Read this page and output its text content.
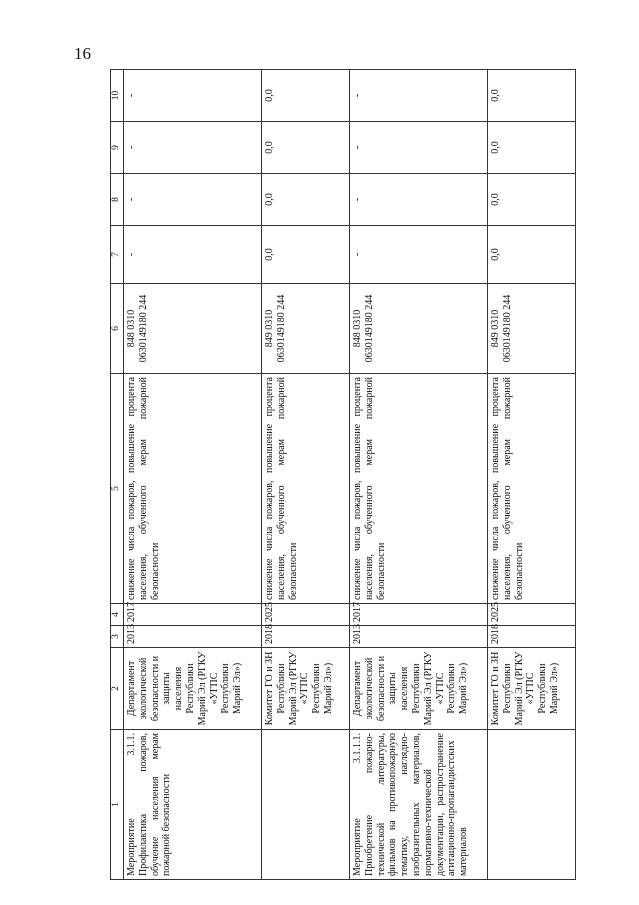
16
1	2	3	4	5	6	7	8	9	10
Мероприятие 3.1.1. Профилактика пожаров, обучение населения мерам пожарной безопасности	Департамент экологической безопасности и защиты населения Республики Марий Эл (РГКУ «УГПС Республики Марий Эл»)	2013	2017	снижение числа пожаров, повышение процента населения, обученного мерам пожарной безопасности	848 0310 0630149180 244	-	-	-	-
	Комитет ГО и ЗН Республики Марий Эл (РГКУ «УГПС Республики Марий Эл»)	2018	2025	снижение числа пожаров, повышение процента населения, обученного мерам пожарной безопасности	849 0310 0630149180 244	0,0	0,0	0,0	0,0
Мероприятие 3.1.1.1. Приобретение пожарно-технической литературы, фильмов на противопожарную тематику, наглядно-изобразительных материалов, нормативно-технической документации, распространение агитационно-пропагандистских материалов	Департамент экологической безопасности и защиты населения Республики Марий Эл (РГКУ «УГПС Республики Марий Эл»)	2013	2017	снижение числа пожаров, повышение процента населения, обученного мерам пожарной безопасности	848 0310 0630149180 244	-	-	-	-
	Комитет ГО и ЗН Республики Марий Эл (РГКУ «УГПС Республики Марий Эл»)	2018	2025	снижение числа пожаров, повышение процента населения, обученного мерам пожарной безопасности	849 0310 0630149180 244	0,0	0,0	0,0	0,0
